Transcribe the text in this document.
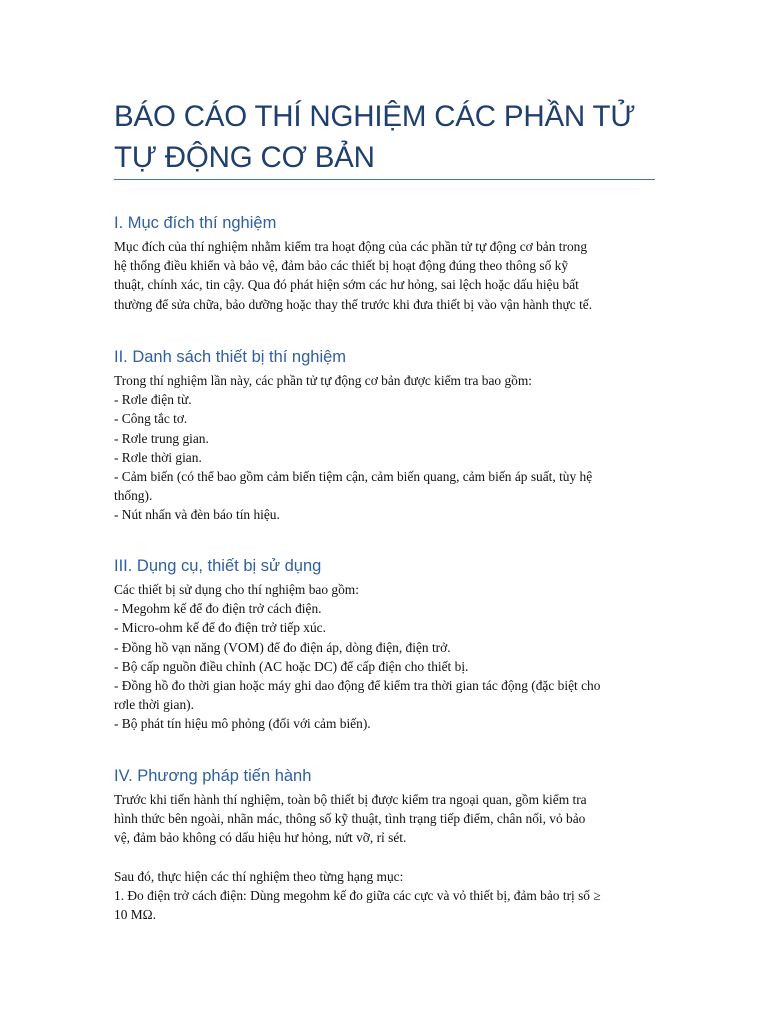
BÁO CÁO THÍ NGHIỆM CÁC PHẦN TỬ
TỰ ĐỘNG CƠ BẢN
I. Mục đích thí nghiệm

Mục đích của thí nghiệm nhằm kiểm tra hoạt động của các phần tử tự động cơ bản trong
hệ thống điều khiển và bảo vệ, đảm bảo các thiết bị hoạt động đúng theo thông số kỹ
thuật, chính xác, tin cậy. Qua đó phát hiện sớm các hư hỏng, sai lệch hoặc dấu hiệu bất
thường để sửa chữa, bảo dưỡng hoặc thay thế trước khi đưa thiết bị vào vận hành thực tế.

II. Danh sách thiết bị thí nghiệm

Trong thí nghiệm lần này, các phần tử tự động cơ bản được kiểm tra bao gồm:
- Rơle điện từ.
- Công tắc tơ.
- Rơle trung gian.
- Rơle thời gian.
- Cảm biến (có thể bao gồm cảm biến tiệm cận, cảm biến quang, cảm biến áp suất, tùy hệ
thống).
- Nút nhấn và đèn báo tín hiệu.

III. Dụng cụ, thiết bị sử dụng

Các thiết bị sử dụng cho thí nghiệm bao gồm:
- Megohm kế để đo điện trở cách điện.
- Micro-ohm kế để đo điện trở tiếp xúc.
- Đồng hồ vạn năng (VOM) để đo điện áp, dòng điện, điện trở.
- Bộ cấp nguồn điều chỉnh (AC hoặc DC) để cấp điện cho thiết bị.
- Đồng hồ đo thời gian hoặc máy ghi dao động để kiểm tra thời gian tác động (đặc biệt cho
rơle thời gian).
- Bộ phát tín hiệu mô phỏng (đối với cảm biến).

IV. Phương pháp tiến hành

Trước khi tiến hành thí nghiệm, toàn bộ thiết bị được kiểm tra ngoại quan, gồm kiểm tra
hình thức bên ngoài, nhãn mác, thông số kỹ thuật, tình trạng tiếp điểm, chân nối, vỏ bảo
vệ, đảm bảo không có dấu hiệu hư hỏng, nứt vỡ, rỉ sét.

Sau đó, thực hiện các thí nghiệm theo từng hạng mục:
1. Đo điện trở cách điện: Dùng megohm kế đo giữa các cực và vỏ thiết bị, đảm bảo trị số ≥
10 MΩ.
